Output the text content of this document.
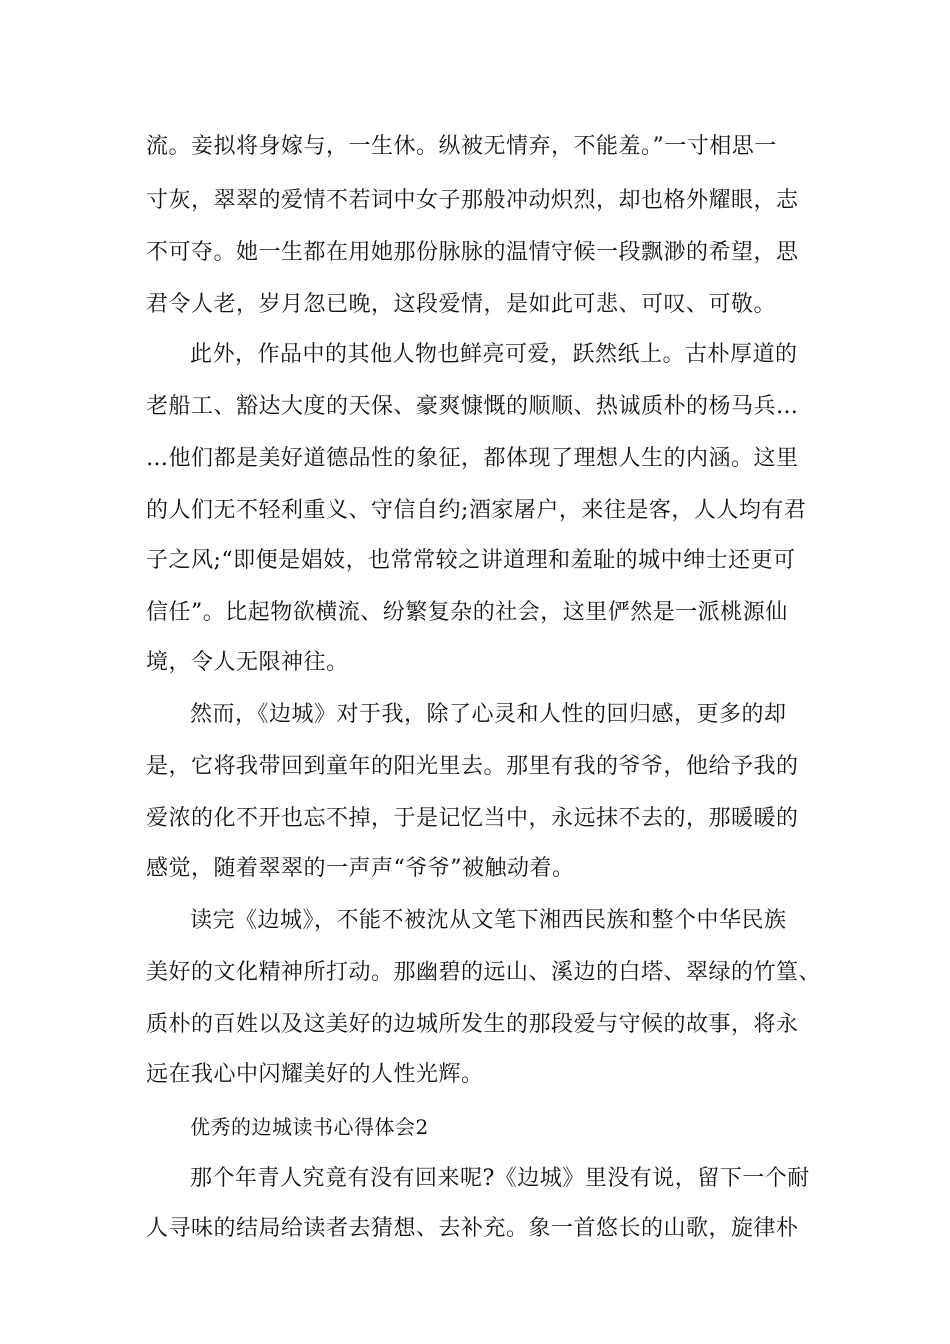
流。妾拟将身嫁与，一生休。纵被无情弃，不能羞。”一寸相思一
寸灰，翠翠的爱情不若词中女子那般冲动炽烈，却也格外耀眼，志
不可夺。她一生都在用她那份脉脉的温情守候一段飘渺的希望，思
君令人老，岁月忽已晚，这段爱情，是如此可悲、可叹、可敬。
此外，作品中的其他人物也鲜亮可爱，跃然纸上。古朴厚道的
老船工、豁达大度的天保、豪爽慷慨的顺顺、热诚质朴的杨马兵…
…他们都是美好道德品性的象征，都体现了理想人生的内涵。这里
的人们无不轻利重义、守信自约;酒家屠户，来往是客，人人均有君
子之风;“即便是娼妓，也常常较之讲道理和羞耻的城中绅士还更可
信任”。比起物欲横流、纷繁复杂的社会，这里俨然是一派桃源仙
境，令人无限神往。
然而，《边城》对于我，除了心灵和人性的回归感，更多的却
是，它将我带回到童年的阳光里去。那里有我的爷爷，他给予我的
爱浓的化不开也忘不掉，于是记忆当中，永远抹不去的，那暖暖的
感觉，随着翠翠的一声声“爷爷”被触动着。
读完《边城》，不能不被沈从文笔下湘西民族和整个中华民族
美好的文化精神所打动。那幽碧的远山、溪边的白塔、翠绿的竹篁、
质朴的百姓以及这美好的边城所发生的那段爱与守候的故事，将永
远在我心中闪耀美好的人性光辉。
优秀的边城读书心得体会2
那个年青人究竟有没有回来呢?《边城》里没有说，留下一个耐
人寻味的结局给读者去猜想、去补充。象一首悠长的山歌，旋律朴
